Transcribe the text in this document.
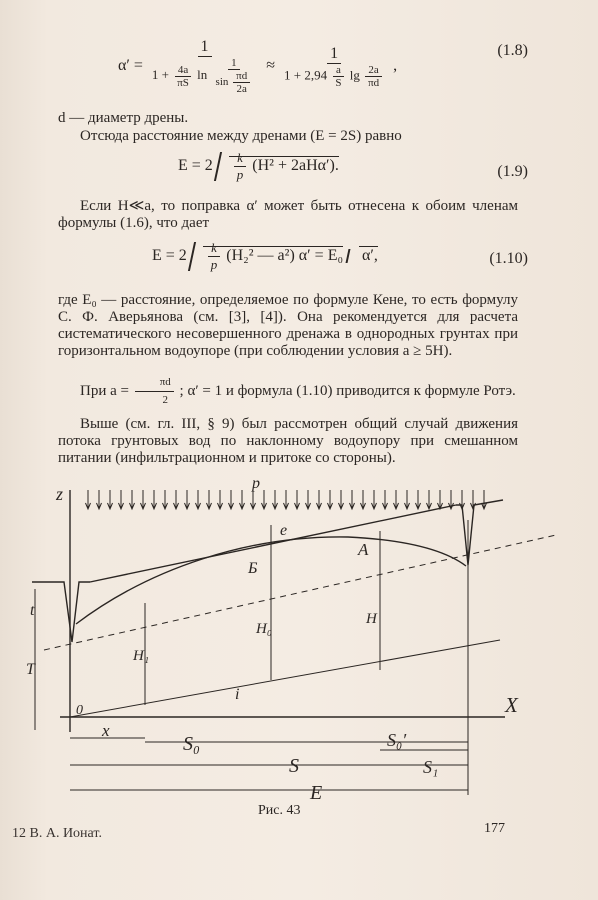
α′ =
1
$1 + \frac{4a}{\pi S}$ $\ln \frac{1}{\sin \frac{\pi d}{2a}}$ ≈
1
$1 + 2,94 \frac{a}{S}$ $\lg \frac{2a}{\pi d}$ ,
(1.8)
d — диаметр дрены.
Отсюда расстояние между дренами (E = 2S) равно
$E = 2 \frac{k}{p} (H^2 + 2aH\alpha')$.	(1.9)
Если H≪a, то поправка α′ может быть отнесена к обоим членам формулы (1.6), что дает
$E = 2 \frac{k}{p} (H_2^2$ — a²) α′ = E₀ α′,	(1.10)
где E₀ — расстояние, определяемое по формуле Кене, то есть формулу С. Ф. Аверьянова (см. [3], [4]). Она рекомендуется для расчета систематического несовершенного дренажа в однородных грунтах при горизонтальном водоупоре (при соблюдении условия a ≥ 5H).
При $a = \frac{\pi d}{2}$ ; α′ = 1 и формула (1.10) приводится к формуле Ротэ.
Выше (см. гл. III, § 9) был рассмотрен общий случай движения потока грунтовых вод по наклонному водоупору при смешанном питании (инфильтрационном и притоке со стороны).
z
p
e
A
Б
t
T
H₁
H₀
H
i
0	X
x
S₀	S₀′
S	S₁
E
Рис. 43
12 В. А. Ионат.	177
